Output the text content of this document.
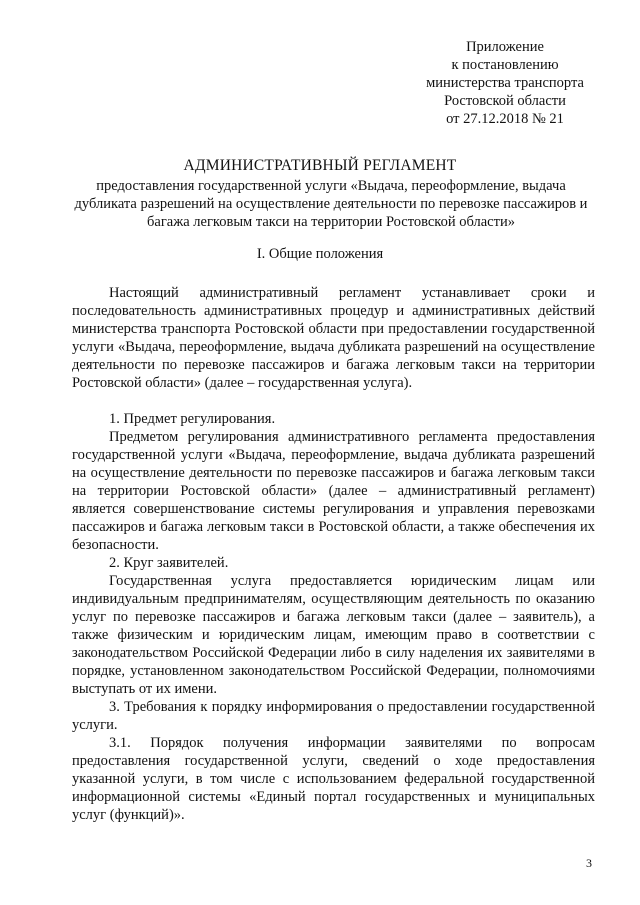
Приложение
к постановлению
министерства транспорта
Ростовской области
от 27.12.2018 № 21
АДМИНИСТРАТИВНЫЙ РЕГЛАМЕНТ
предоставления государственной услуги «Выдача, переоформление, выдача дубликата разрешений на осуществление деятельности по перевозке пассажиров и багажа легковым такси на территории Ростовской области»
I. Общие положения

Настоящий административный регламент устанавливает сроки и последовательность административных процедур и административных действий министерства транспорта Ростовской области при предоставлении государственной услуги «Выдача, переоформление, выдача дубликата разрешений на осуществление деятельности по перевозке пассажиров и багажа легковым такси на территории Ростовской области» (далее – государственная услуга).

1. Предмет регулирования.

Предметом регулирования административного регламента предоставления государственной услуги «Выдача, переоформление, выдача дубликата разрешений на осуществление деятельности по перевозке пассажиров и багажа легковым такси на территории Ростовской области» (далее – административный регламент) является совершенствование системы регулирования и управления перевозками пассажиров и багажа легковым такси в Ростовской области, а также обеспечения их безопасности.

2. Круг заявителей.

Государственная услуга предоставляется юридическим лицам или индивидуальным предпринимателям, осуществляющим деятельность по оказанию услуг по перевозке пассажиров и багажа легковым такси (далее – заявитель), а также физическим и юридическим лицам, имеющим право в соответствии с законодательством Российской Федерации либо в силу наделения их заявителями в порядке, установленном законодательством Российской Федерации, полномочиями выступать от их имени.

3. Требования к порядку информирования о предоставлении государственной услуги.

3.1. Порядок получения информации заявителями по вопросам предоставления государственной услуги, сведений о ходе предоставления указанной услуги, в том числе с использованием федеральной государственной информационной системы «Единый портал государственных и муниципальных услуг (функций)».

3
